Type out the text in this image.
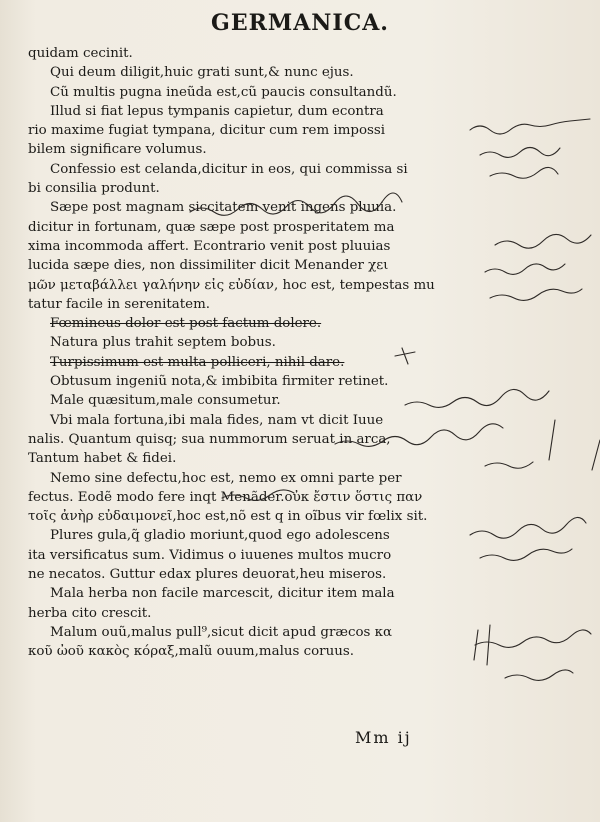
GERMANICA.
quidam cecinit.
Qui deum diligit,huic grati sunt,& nunc ejus.
Cũ multis pugna ineũda est,cũ paucis consultandũ.
Illud si fiat lepus tympanis capietur, dum econtra
rio maxime fugiat tympana, dicitur cum rem impossi
bilem significare volumus.
Confessio est celanda,dicitur in eos, qui commissa si
bi consilia produnt.
Sæpe post magnam siccitatem venit ingens pluuia.
dicitur in fortunam, quæ sæpe post prosperitatem ma
xima incommoda affert. Econtrario venit post pluuias
lucida sæpe dies, non dissimiliter dicit Menander χει
μῶν μεταβάλλει γαλήνην εἰς εὐδίαν, hoc est, tempestas mu
tatur facile in serenitatem.
Fœmineus dolor est post factum dolere.
Natura plus trahit septem bobus.
Turpissimum est multa polliceri, nihil dare.
Obtusum ingeniũ nota,& imbibita firmiter retinet.
Male quæsitum,male consumetur.
Vbi mala fortuna,ibi mala fides, nam vt dicit Iuue
nalis. Quantum quisq; sua nummorum seruat in arca,
Tantum habet & fidei.
Nemo sine defectu,hoc est, nemo ex omni parte per
fectus. Eodẽ modo fere inqt Menãder.οὐκ ἔστιν ὅστις παν
τοῖς ἀνὴρ εὐδαιμονεῖ,hoc est,nõ est q in oĩbus vir fœlix sit.
Plures gula,q̃ gladio moriunt,quod ego adolescens
ita versificatus sum. Vidimus o iuuenes multos mucro
ne necatos. Guttur edax plures deuorat,heu miseros.
Mala herba non facile marcescit, dicitur item mala
herba cito crescit.
Malum ouũ,malus pull⁹,sicut dicit apud græcos κα
κοῦ ὠοῦ κακὸς κόραξ,malũ ouum,malus coruus.
Mm ij
